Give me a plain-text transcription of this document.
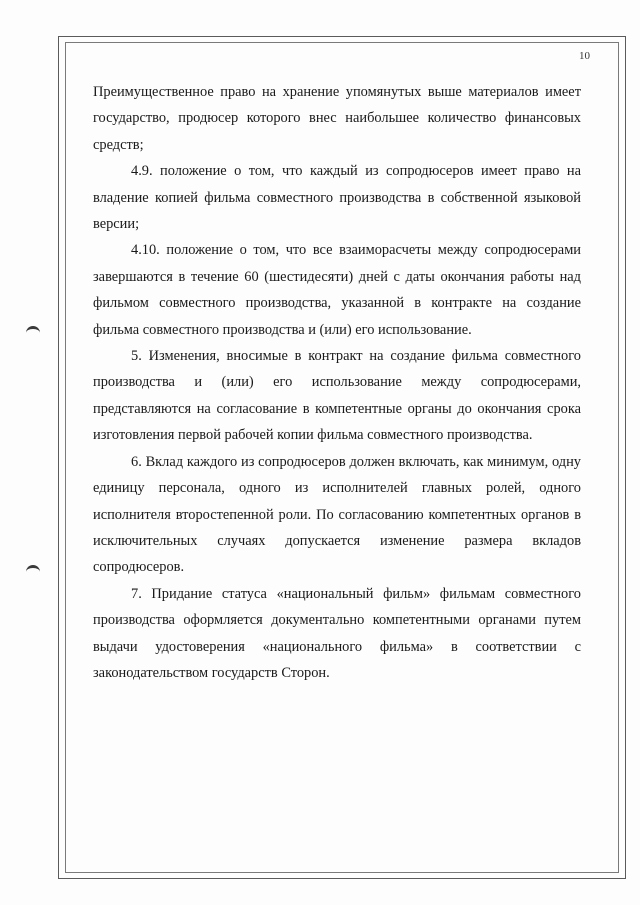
10

Преимущественное право на хранение упомянутых выше материалов имеет государство, продюсер которого внес наибольшее количество финансовых средств;

4.9. положение о том, что каждый из сопродюсеров имеет право на владение копией фильма совместного производства в собственной языковой версии;

4.10. положение о том, что все взаиморасчеты между сопродюсерами завершаются в течение 60 (шестидесяти) дней с даты окончания работы над фильмом совместного производства, указанной в контракте на создание фильма совместного производства и (или) его использование.

5. Изменения, вносимые в контракт на создание фильма совместного производства и (или) его использование между сопродюсерами, представляются на согласование в компетентные органы до окончания срока изготовления первой рабочей копии фильма совместного производства.

6. Вклад каждого из сопродюсеров должен включать, как минимум, одну единицу персонала, одного из исполнителей главных ролей, одного исполнителя второстепенной роли. По согласованию компетентных органов в исключительных случаях допускается изменение размера вкладов сопродюсеров.

7. Придание статуса «национальный фильм» фильмам совместного производства оформляется документально компетентными органами путем выдачи удостоверения «национального фильма» в соответствии с законодательством государств Сторон.
